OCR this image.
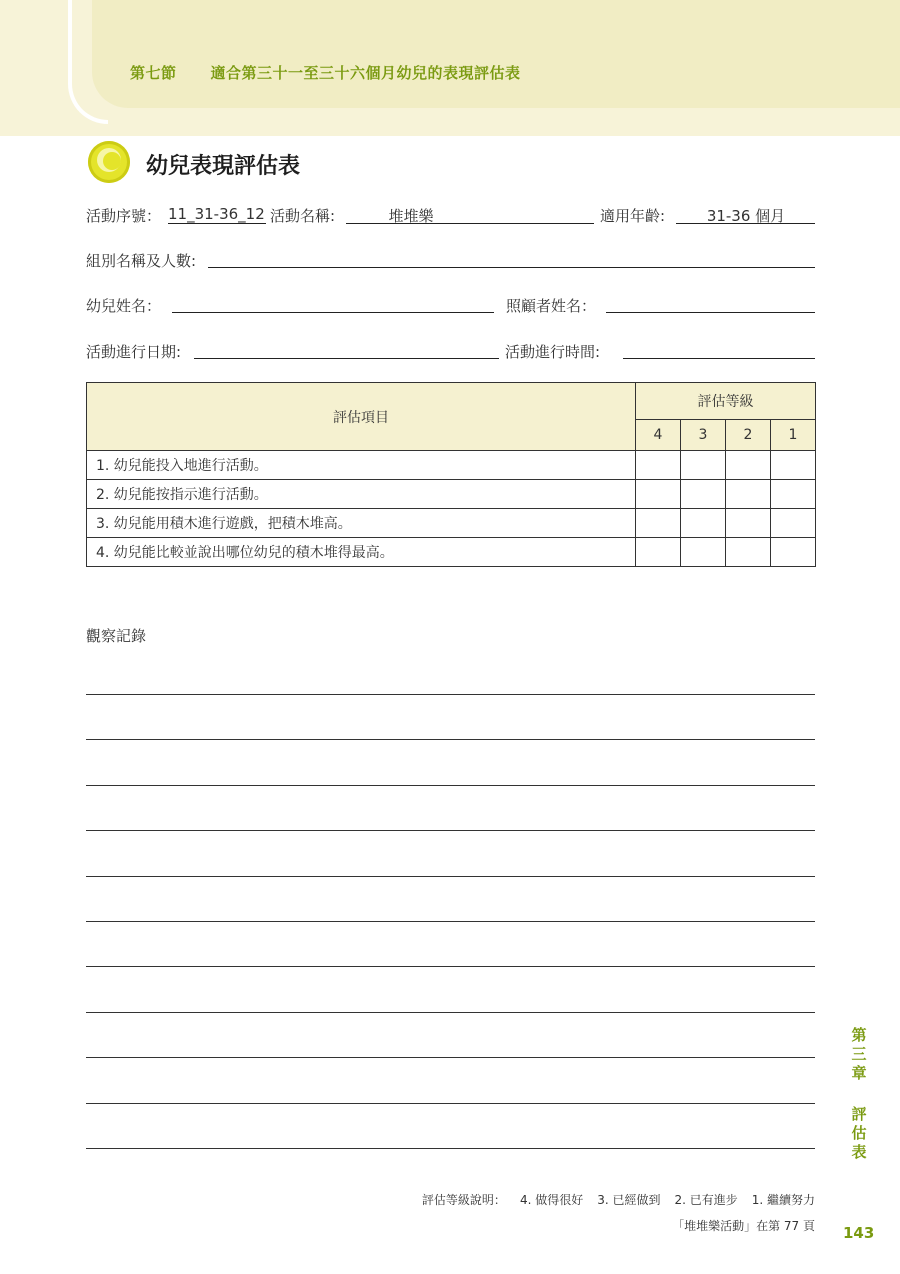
第七節 適合第三十一至三十六個月幼兒的表現評估表
幼兒表現評估表
活動序號： 11_31-36_12 活動名稱:	堆堆樂	適用年齡:	31-36 個月
組別名稱及人數:
幼兒姓名：	照顧者姓名：
活動進行日期:	活動進行時間:
評估項目	評估等級			
	4	3	2	1
1. 幼兒能投入地進行活動。				
2. 幼兒能按指示進行活動。				
3. 幼兒能用積木進行遊戲，把積木堆高。				
4. 幼兒能比較並說出哪位幼兒的積木堆得最高。				
觀察記錄
第
三
章
評
估
表
評估等級說明： 4. 做得很好 3. 已經做到 2. 已有進步 1. 繼續努力
「堆堆樂活動」在第 77 頁 143
